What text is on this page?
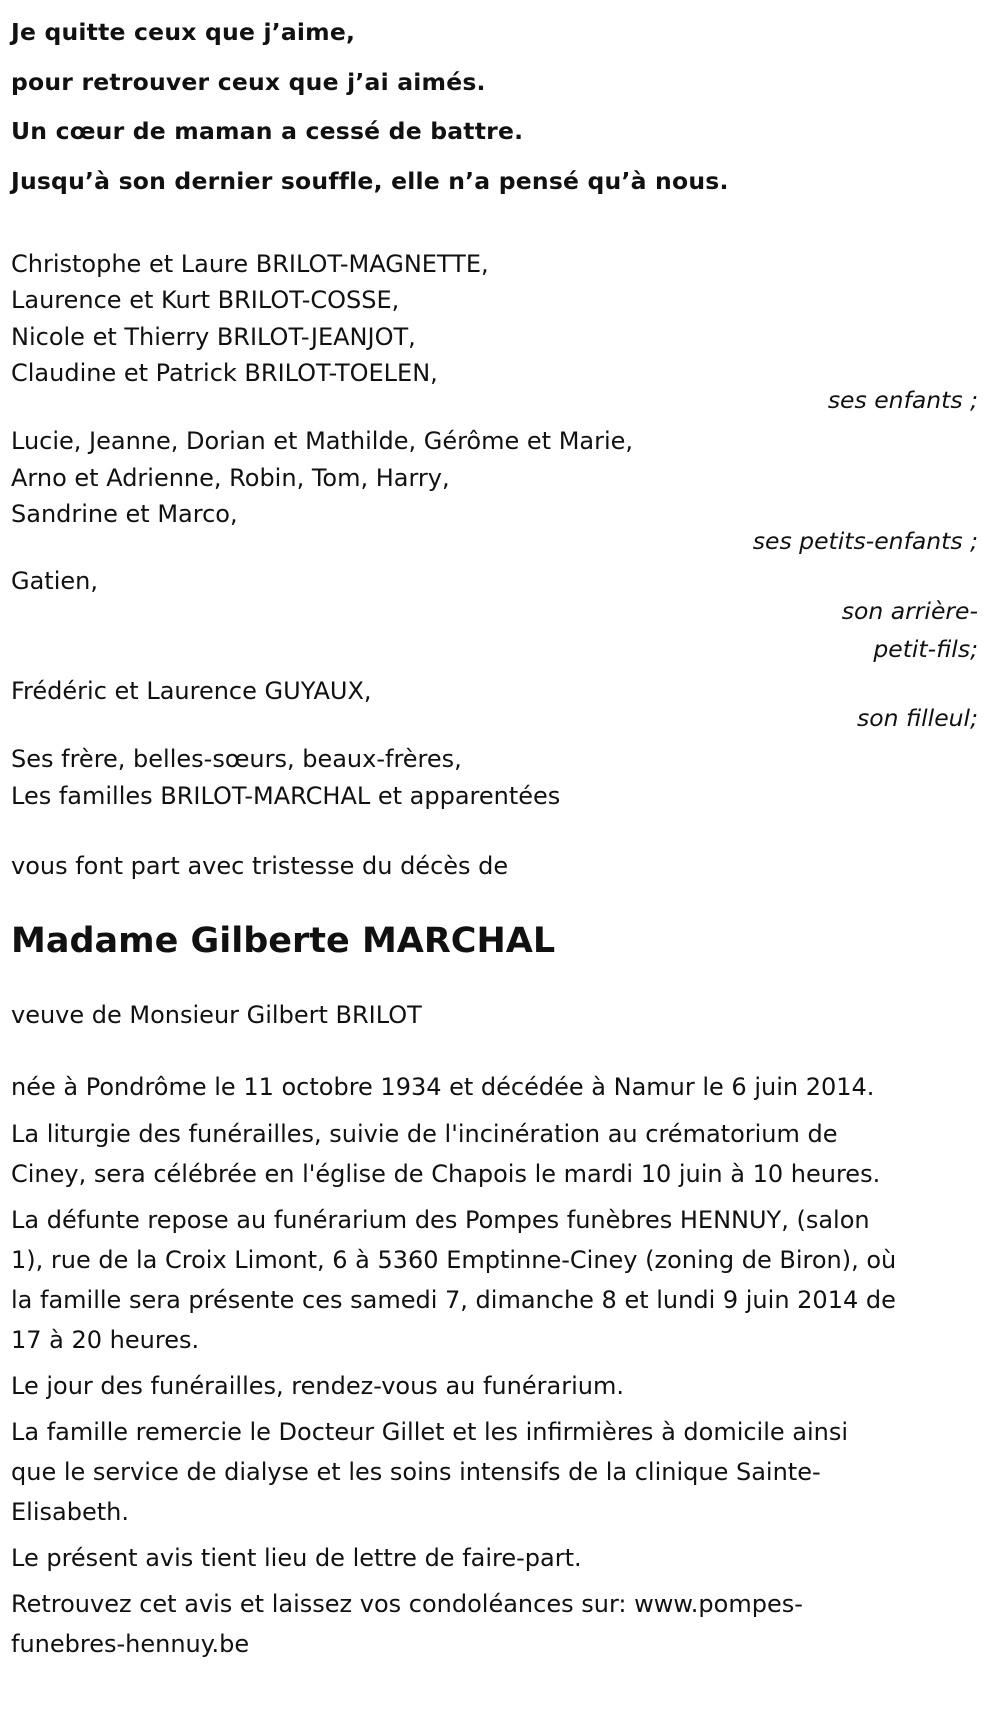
Je quitte ceux que j’aime,
pour retrouver ceux que j’ai aimés.
Un cœur de maman a cessé de battre.
Jusqu’à son dernier souffle, elle n’a pensé qu’à nous.
Christophe et Laure BRILOT-MAGNETTE,
Laurence et Kurt BRILOT-COSSE,
Nicole et Thierry BRILOT-JEANJOT,
Claudine et Patrick BRILOT-TOELEN,
ses enfants ;
Lucie, Jeanne, Dorian et Mathilde, Gérôme et Marie,
Arno et Adrienne, Robin, Tom, Harry,
Sandrine et Marco,
ses petits-enfants ;
Gatien,
son arrière-
petit-fils;
Frédéric et Laurence GUYAUX,
son filleul;
Ses frère, belles-sœurs, beaux-frères,
Les familles BRILOT-MARCHAL et apparentées
vous font part avec tristesse du décès de
Madame Gilberte MARCHAL
veuve de Monsieur Gilbert BRILOT
née à Pondrôme le 11 octobre 1934 et décédée à Namur le 6 juin 2014.
La liturgie des funérailles, suivie de l'incinération au crématorium de
Ciney, sera célébrée en l'église de Chapois le mardi 10 juin à 10 heures.
La défunte repose au funérarium des Pompes funèbres HENNUY, (salon
1), rue de la Croix Limont, 6 à 5360 Emptinne-Ciney (zoning de Biron), où
la famille sera présente ces samedi 7, dimanche 8 et lundi 9 juin 2014 de
17 à 20 heures.
Le jour des funérailles, rendez-vous au funérarium.
La famille remercie le Docteur Gillet et les infirmières à domicile ainsi
que le service de dialyse et les soins intensifs de la clinique Sainte-
Elisabeth.
Le présent avis tient lieu de lettre de faire-part.
Retrouvez cet avis et laissez vos condoléances sur: www.pompes-
funebres-hennuy.be
